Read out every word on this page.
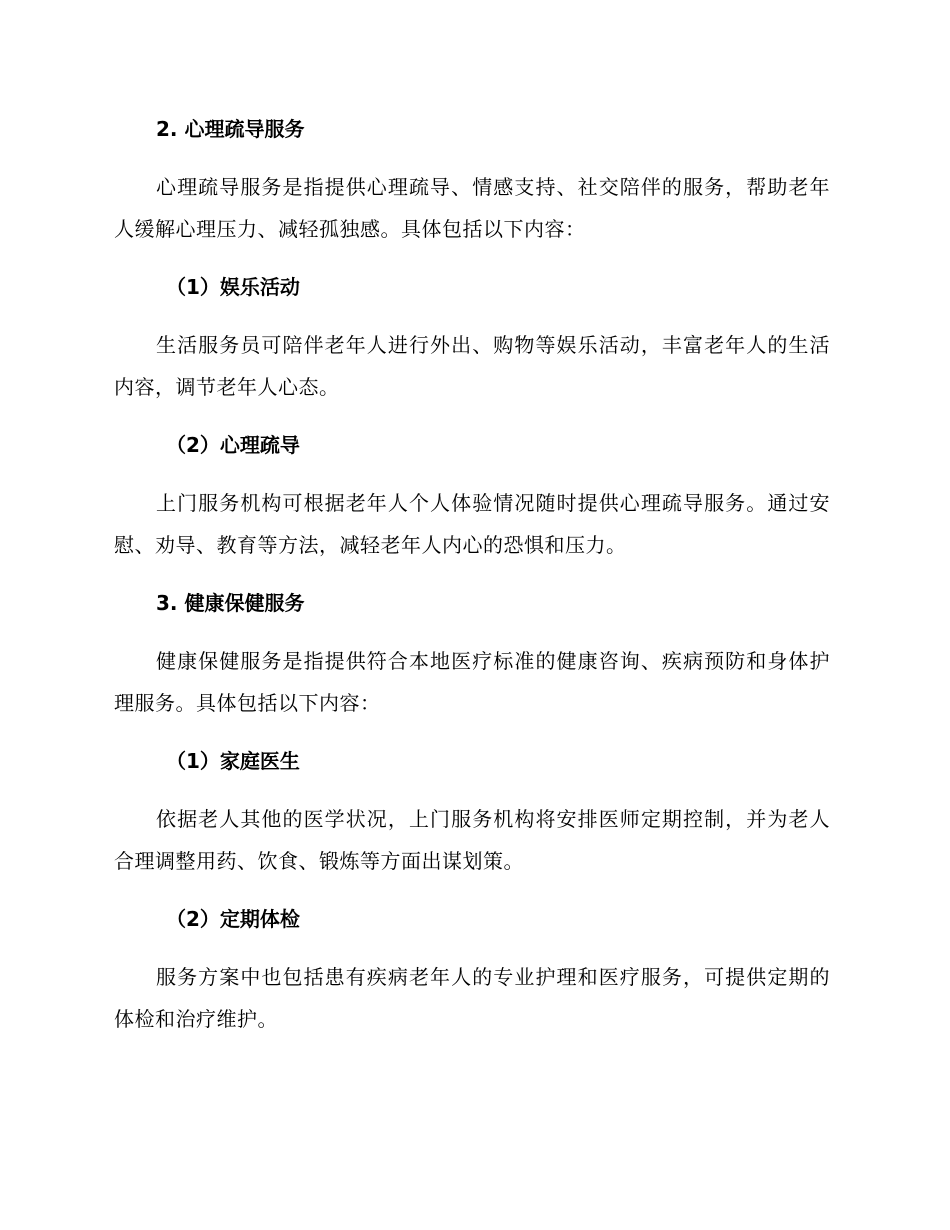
2. 心理疏导服务

心理疏导服务是指提供心理疏导、情感支持、社交陪伴的服务，帮助老年人缓解心理压力、减轻孤独感。具体包括以下内容：

（1）娱乐活动

生活服务员可陪伴老年人进行外出、购物等娱乐活动，丰富老年人的生活内容，调节老年人心态。

（2）心理疏导

上门服务机构可根据老年人个人体验情况随时提供心理疏导服务。通过安慰、劝导、教育等方法，减轻老年人内心的恐惧和压力。

3. 健康保健服务

健康保健服务是指提供符合本地医疗标准的健康咨询、疾病预防和身体护理服务。具体包括以下内容：

（1）家庭医生

依据老人其他的医学状况，上门服务机构将安排医师定期控制，并为老人合理调整用药、饮食、锻炼等方面出谋划策。

（2）定期体检

服务方案中也包括患有疾病老年人的专业护理和医疗服务，可提供定期的体检和治疗维护。
